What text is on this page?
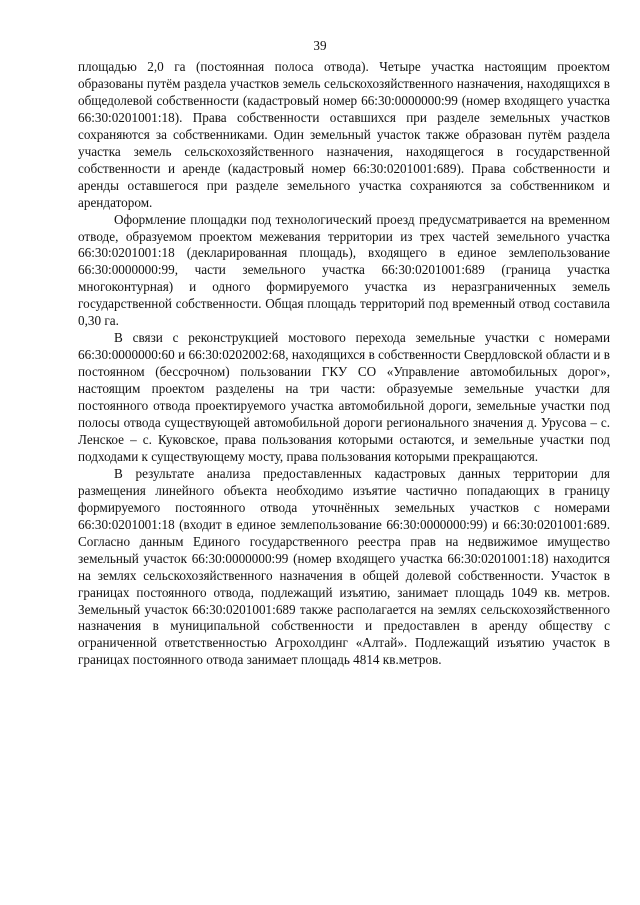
39

площадью 2,0 га (постоянная полоса отвода). Четыре участка настоящим проектом образованы путём раздела участков земель сельскохозяйственного назначения, находящихся в общедолевой собственности (кадастровый номер 66:30:0000000:99 (номер входящего участка 66:30:0201001:18). Права собственности оставшихся при разделе земельных участков сохраняются за собственниками. Один земельный участок также образован путём раздела участка земель сельскохозяйственного назначения, находящегося в государственной собственности и аренде (кадастровый номер 66:30:0201001:689). Права собственности и аренды оставшегося при разделе земельного участка сохраняются за собственником и арендатором.

Оформление площадки под технологический проезд предусматривается на временном отводе, образуемом проектом межевания территории из трех частей земельного участка 66:30:0201001:18 (декларированная площадь), входящего в единое землепользование 66:30:0000000:99, части земельного участка 66:30:0201001:689 (граница участка многоконтурная) и одного формируемого участка из неразграниченных земель государственной собственности. Общая площадь территорий под временный отвод составила 0,30 га.

В связи с реконструкцией мостового перехода земельные участки с номерами 66:30:0000000:60 и 66:30:0202002:68, находящихся в собственности Свердловской области и в постоянном (бессрочном) пользовании ГКУ СО «Управление автомобильных дорог», настоящим проектом разделены на три части: образуемые земельные участки для постоянного отвода проектируемого участка автомобильной дороги, земельные участки под полосы отвода существующей автомобильной дороги регионального значения д. Урусова – с. Ленское – с. Куковское, права пользования которыми остаются, и земельные участки под подходами к существующему мосту, права пользования которыми прекращаются.

В результате анализа предоставленных кадастровых данных территории для размещения линейного объекта необходимо изъятие частично попадающих в границу формируемого постоянного отвода уточнённых земельных участков с номерами 66:30:0201001:18 (входит в единое землепользование 66:30:0000000:99) и 66:30:0201001:689. Согласно данным Единого государственного реестра прав на недвижимое имущество земельный участок 66:30:0000000:99 (номер входящего участка 66:30:0201001:18) находится на землях сельскохозяйственного назначения в общей долевой собственности. Участок в границах постоянного отвода, подлежащий изъятию, занимает площадь 1049 кв. метров. Земельный участок 66:30:0201001:689 также располагается на землях сельскохозяйственного назначения в муниципальной собственности и предоставлен в аренду обществу с ограниченной ответственностью Агрохолдинг «Алтай». Подлежащий изъятию участок в границах постоянного отвода занимает площадь 4814 кв.метров.
